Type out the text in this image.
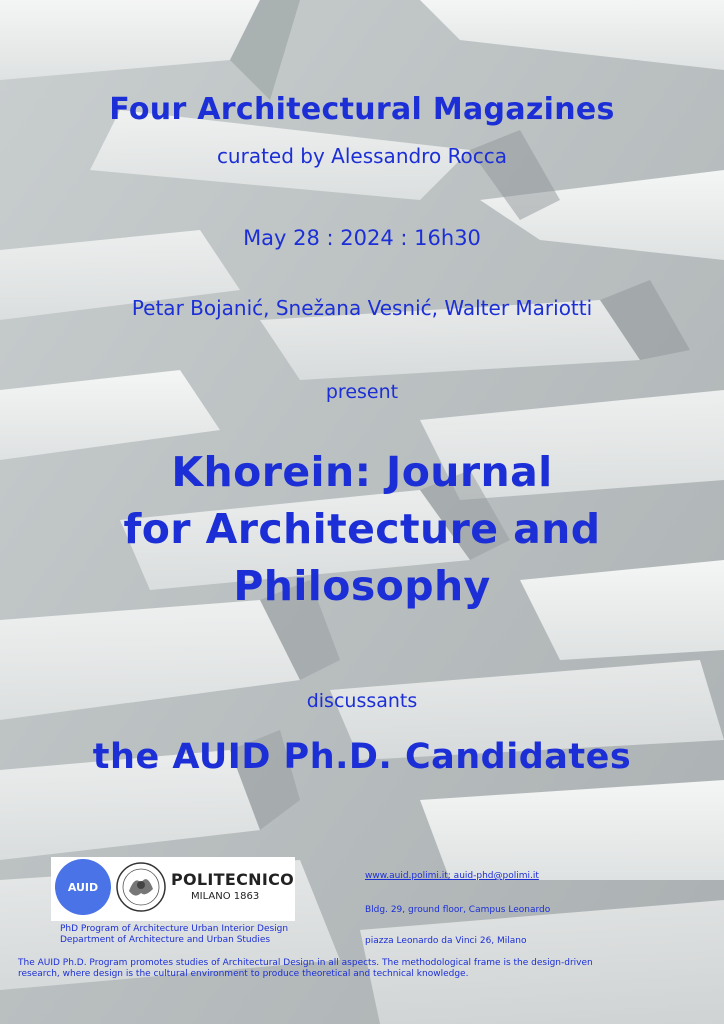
Four Architectural Magazines
curated by Alessandro Rocca
May 28 : 2024 : 16h30
Petar Bojanić, Snežana Vesnić, Walter Mariotti
present
Khorein: Journal
for Architecture and
Philosophy
discussants
the AUID Ph.D. Candidates
AUID	POLITECNICO
MILANO 1863
PhD Program of Architecture Urban Interior Design
Department of Architecture and Urban Studies
www.auid.polimi.it; auid-phd@polimi.it
Bldg. 29, ground floor, Campus Leonardo
piazza Leonardo da Vinci 26, Milano
The AUID Ph.D. Program promotes studies of Architectural Design in all aspects. The methodological frame is the design-driven
research, where design is the cultural environment to produce theoretical and technical knowledge.
